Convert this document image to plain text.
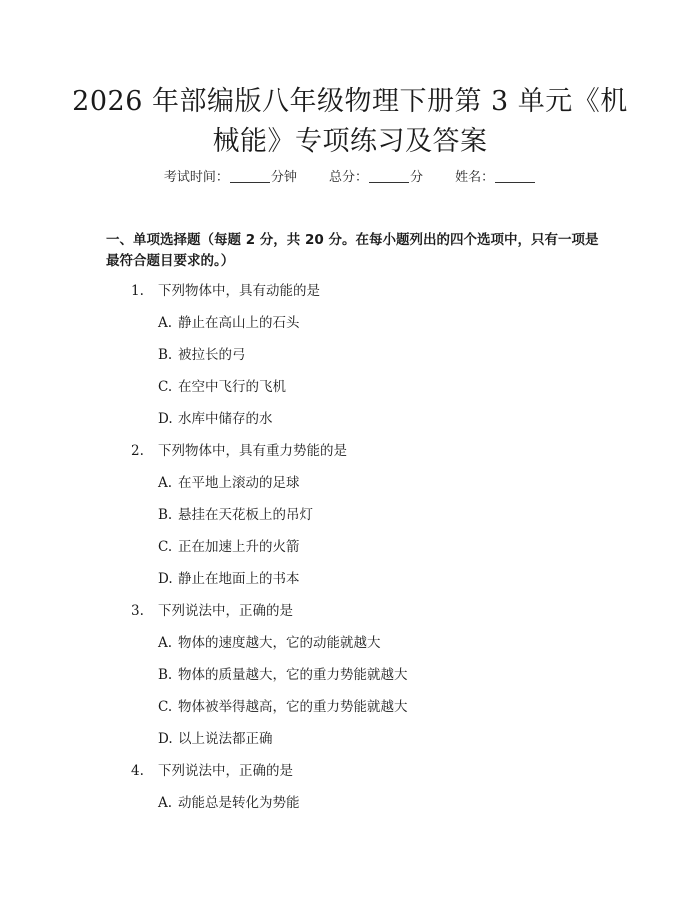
2026 年部编版八年级物理下册第 3 单元《机
械能》专项练习及答案
考试时间：	分钟 总分：	分 姓名：
一、单项选择题（每题 2 分，共 20 分。在每小题列出的四个选项中，只有一项是
最符合题目要求的。）
1. 下列物体中，具有动能的是
A. 静止在高山上的石头
B. 被拉长的弓
C. 在空中飞行的飞机
D. 水库中储存的水
2. 下列物体中，具有重力势能的是
A. 在平地上滚动的足球
B. 悬挂在天花板上的吊灯
C. 正在加速上升的火箭
D. 静止在地面上的书本
3. 下列说法中，正确的是
A. 物体的速度越大，它的动能就越大
B. 物体的质量越大，它的重力势能就越大
C. 物体被举得越高，它的重力势能就越大
D. 以上说法都正确
4. 下列说法中，正确的是
A. 动能总是转化为势能
